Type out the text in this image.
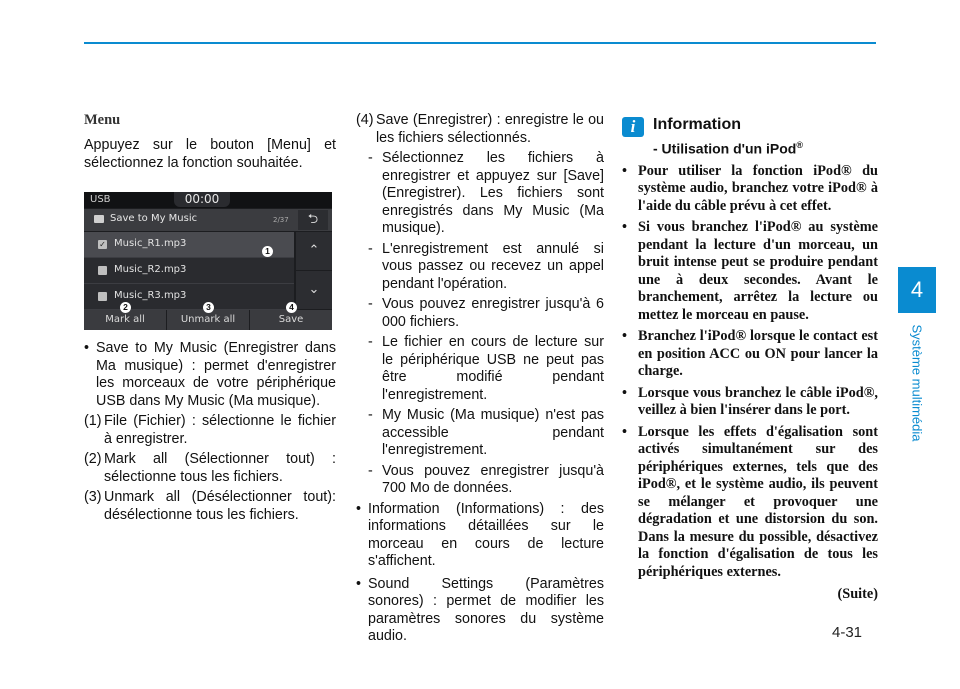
Menu

Appuyez sur le bouton [Menu] et sélectionnez la fonction souhaitée.

USB	00:00
Save to My Music	2/37	⮌
✓ Music_R1.mp3
Music_R2.mp3
Music_R3.mp3
⌃
⌄
Mark all	Unmark all	Save
1
2	3	4
• Save to My Music (Enregistrer dans Ma musique) : permet d'enregistrer les morceaux de votre périphérique USB dans My Music (Ma musique).
(1) File (Fichier) : sélectionne le fichier à enregistrer.
(2) Mark all (Sélectionner tout) : sélectionne tous les fichiers.
(3) Unmark all (Désélectionner tout): désélectionne tous les fichiers.
(4) Save (Enregistrer) : enregistre le ou les fichiers sélectionnés.
- Sélectionnez les fichiers à enregistrer et appuyez sur [Save] (Enregistrer). Les fichiers sont enregistrés dans My Music (Ma musique).
- L'enregistrement est annulé si vous passez ou recevez un appel pendant l'opération.
- Vous pouvez enregistrer jusqu'à 6 000 fichiers.
- Le fichier en cours de lecture sur le périphérique USB ne peut pas être modifié pendant l'enregistrement.
- My Music (Ma musique) n'est pas accessible pendant l'enregistrement.
- Vous pouvez enregistrer jusqu'à 700 Mo de données.
• Information (Informations) : des informations détaillées sur le morceau en cours de lecture s'affichent.
• Sound Settings (Paramètres sonores) : permet de modifier les paramètres sonores du système audio.
i	Information
- Utilisation d'un iPod®
• Pour utiliser la fonction iPod® du système audio, branchez votre iPod® à l'aide du câble prévu à cet effet.
• Si vous branchez l'iPod® au système pendant la lecture d'un morceau, un bruit intense peut se produire pendant une à deux secondes. Avant le branchement, arrêtez la lecture ou mettez le morceau en pause.
• Branchez l'iPod® lorsque le contact est en position ACC ou ON pour lancer la charge.
• Lorsque vous branchez le câble iPod®, veillez à bien l'insérer dans le port.
• Lorsque les effets d'égalisation sont activés simultanément sur des périphériques externes, tels que des iPod®, et le système audio, ils peuvent se mélanger et provoquer une dégradation et une distorsion du son. Dans la mesure du possible, désactivez la fonction d'égalisation de tous les périphériques externes.
(Suite)
4
Système multimédia
4-31
